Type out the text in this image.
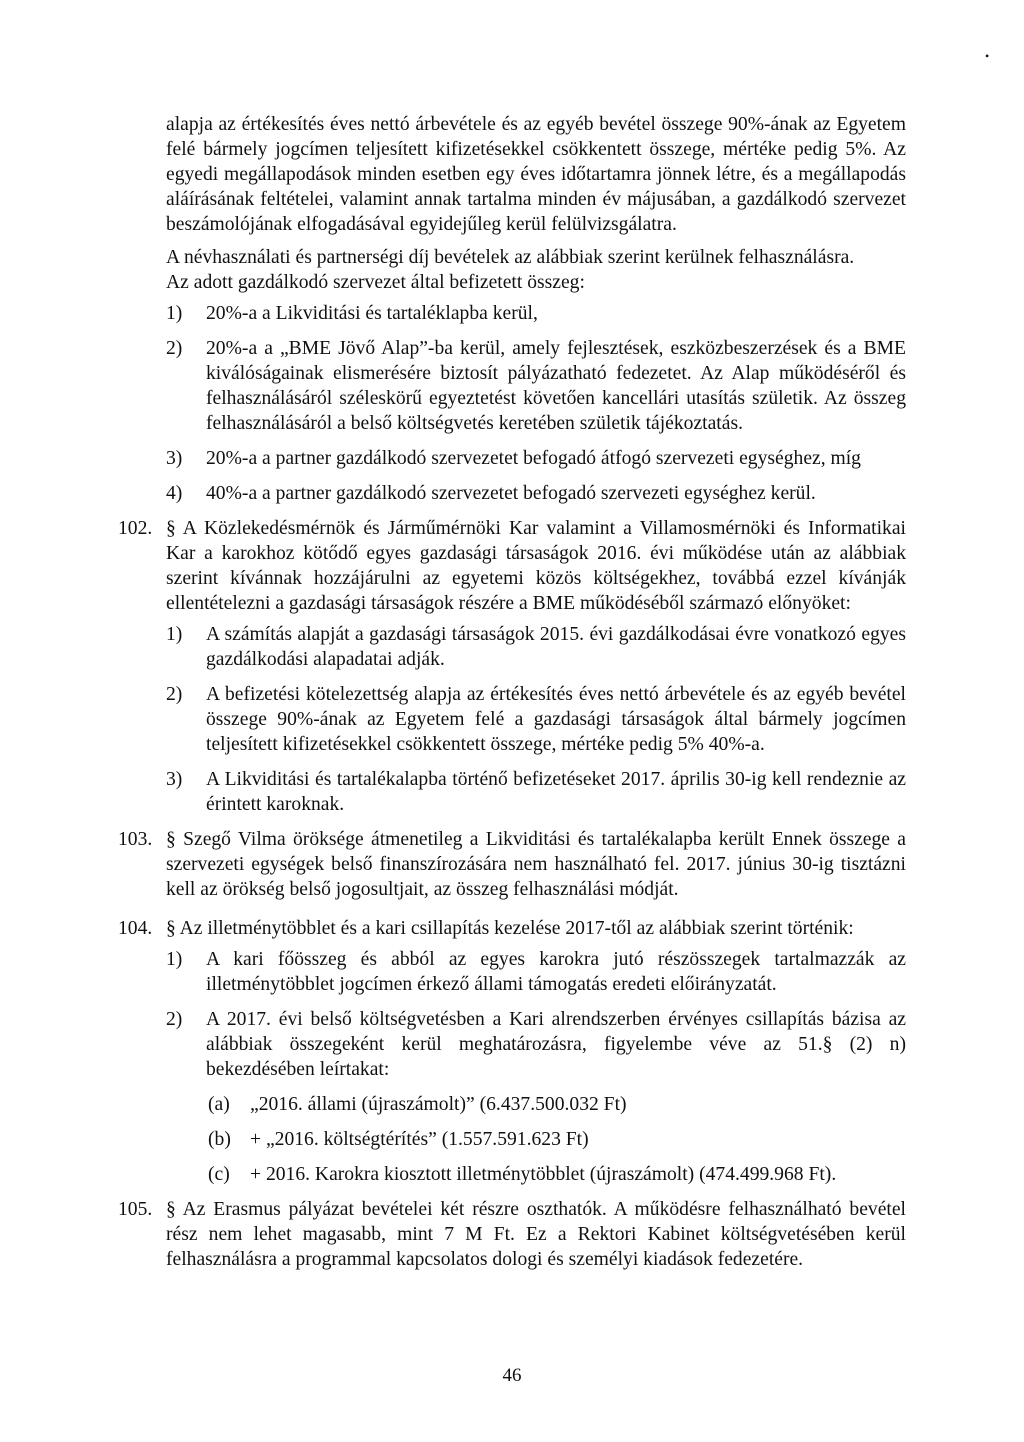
•

alapja az értékesítés éves nettó árbevétele és az egyéb bevétel összege 90%-ának az Egyetem felé bármely jogcímen teljesített kifizetésekkel csökkentett összege, mértéke pedig 5%. Az egyedi megállapodások minden esetben egy éves időtartamra jönnek létre, és a megállapodás aláírásának feltételei, valamint annak tartalma minden év májusában, a gazdálkodó szervezet beszámolójának elfogadásával egyidejűleg kerül felülvizsgálatra.

A névhasználati és partnerségi díj bevételek az alábbiak szerint kerülnek felhasználásra.

Az adott gazdálkodó szervezet által befizetett összeg:

1) 20%-a a Likviditási és tartaléklapba kerül,
2) 20%-a a „BME Jövő Alap”-ba kerül, amely fejlesztések, eszközbeszerzések és a BME kiválóságainak elismerésére biztosít pályázatható fedezetet. Az Alap működéséről és felhasználásáról széleskörű egyeztetést követően kancellári utasítás születik. Az összeg felhasználásáról a belső költségvetés keretében születik tájékoztatás.
3) 20%-a a partner gazdálkodó szervezetet befogadó átfogó szervezeti egységhez, míg
4) 40%-a a partner gazdálkodó szervezetet befogadó szervezeti egységhez kerül.
102. § A Közlekedésmérnök és Járműmérnöki Kar valamint a Villamosmérnöki és Informatikai Kar a karokhoz kötődő egyes gazdasági társaságok 2016. évi működése után az alábbiak szerint kívánnak hozzájárulni az egyetemi közös költségekhez, továbbá ezzel kívánják ellentételezni a gazdasági társaságok részére a BME működéséből származó előnyöket:

1) A számítás alapját a gazdasági társaságok 2015. évi gazdálkodásai évre vonatkozó egyes gazdálkodási alapadatai adják.
2) A befizetési kötelezettség alapja az értékesítés éves nettó árbevétele és az egyéb bevétel összege 90%-ának az Egyetem felé a gazdasági társaságok által bármely jogcímen teljesített kifizetésekkel csökkentett összege, mértéke pedig 5% 40%-a.
3) A Likviditási és tartalékalapba történő befizetéseket 2017. április 30-ig kell rendeznie az érintett karoknak.
103. § Szegő Vilma öröksége átmenetileg a Likviditási és tartalékalapba került Ennek összege a szervezeti egységek belső finanszírozására nem használható fel. 2017. június 30-ig tisztázni kell az örökség belső jogosultjait, az összeg felhasználási módját.

104. § Az illetménytöbblet és a kari csillapítás kezelése 2017-től az alábbiak szerint történik:

1) A kari főösszeg és abból az egyes karokra jutó részösszegek tartalmazzák az illetménytöbblet jogcímen érkező állami támogatás eredeti előirányzatát.
2) A 2017. évi belső költségvetésben a Kari alrendszerben érvényes csillapítás bázisa az alábbiak összegeként kerül meghatározásra, figyelembe véve az 51.§ (2) n) bekezdésében leírtakat:
(a) „2016. állami (újraszámolt)” (6.437.500.032 Ft)
(b) + „2016. költségtérítés” (1.557.591.623 Ft)
(c) + 2016. Karokra kiosztott illetménytöbblet (újraszámolt) (474.499.968 Ft).
105. § Az Erasmus pályázat bevételei két részre oszthatók. A működésre felhasználható bevétel rész nem lehet magasabb, mint 7 M Ft. Ez a Rektori Kabinet költségvetésében kerül felhasználásra a programmal kapcsolatos dologi és személyi kiadások fedezetére.

46
